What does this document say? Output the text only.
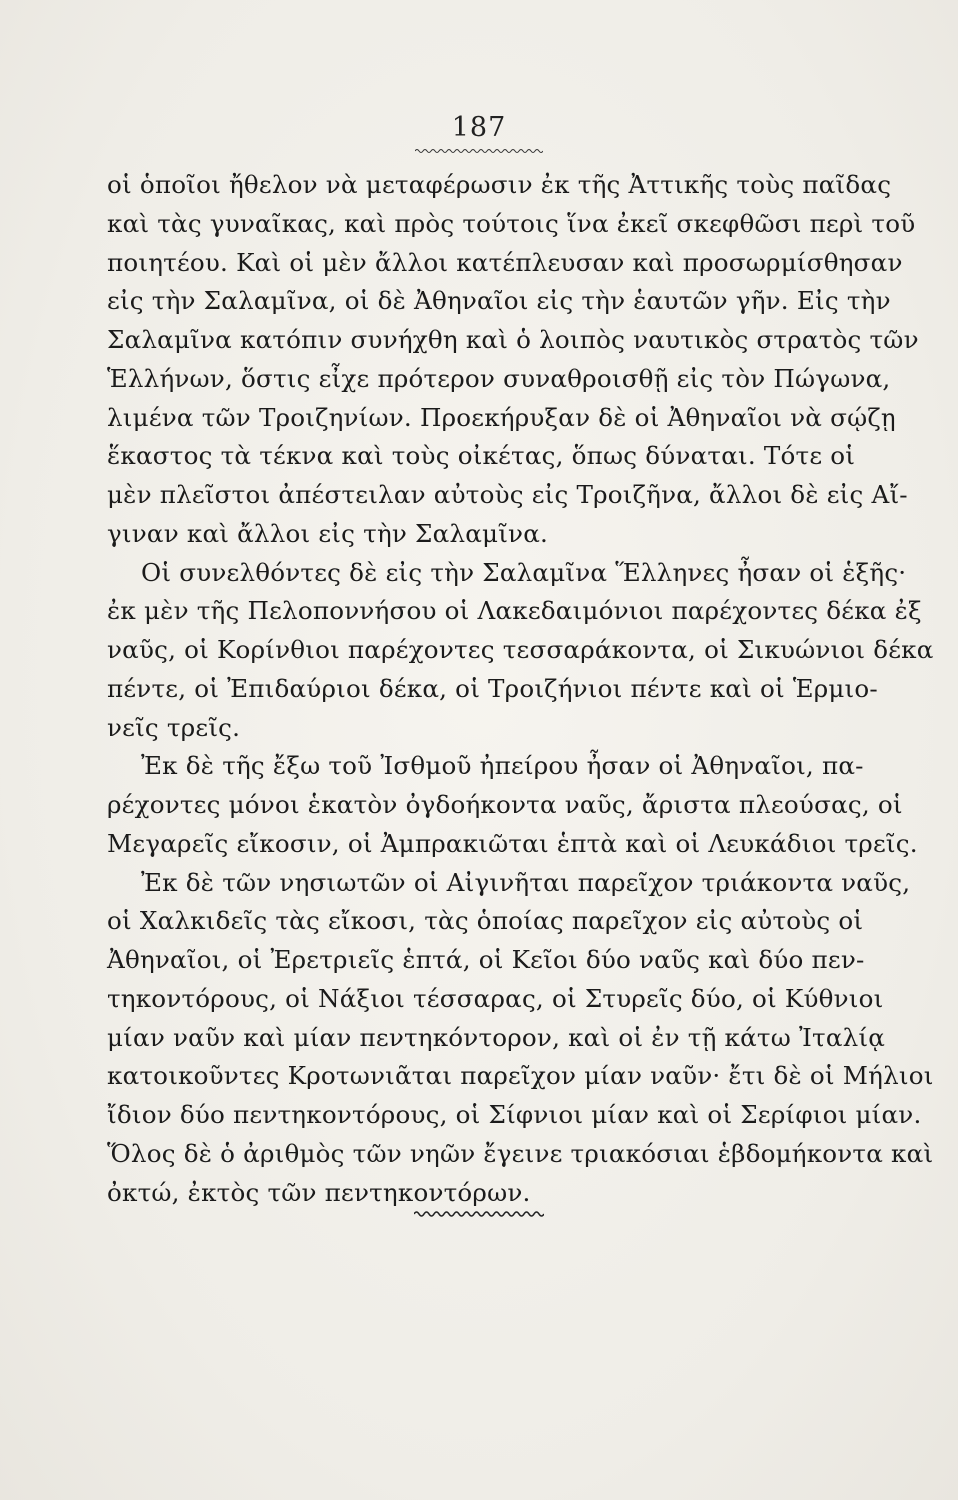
187
οἱ ὁποῖοι ἤθελον νὰ μεταφέρωσιν ἐκ τῆς Ἀττικῆς τοὺς παῖδας
καὶ τὰς γυναῖκας, καὶ πρὸς τούτοις ἵνα ἐκεῖ σκεφθῶσι περὶ τοῦ
ποιητέου. Καὶ οἱ μὲν ἄλλοι κατέπλευσαν καὶ προσωρμίσθησαν
εἰς τὴν Σαλαμῖνα, οἱ δὲ Ἀθηναῖοι εἰς τὴν ἑαυτῶν γῆν. Εἰς τὴν
Σαλαμῖνα κατόπιν συνήχθη καὶ ὁ λοιπὸς ναυτικὸς στρατὸς τῶν
Ἑλλήνων, ὅστις εἶχε πρότερον συναθροισθῇ εἰς τὸν Πώγωνα,
λιμένα τῶν Τροιζηνίων. Προεκήρυξαν δὲ οἱ Ἀθηναῖοι νὰ σῴζῃ
ἕκαστος τὰ τέκνα καὶ τοὺς οἰκέτας, ὅπως δύναται. Τότε οἱ
μὲν πλεῖστοι ἀπέστειλαν αὐτοὺς εἰς Τροιζῆνα, ἄλλοι δὲ εἰς Αἴ-
γιναν καὶ ἄλλοι εἰς τὴν Σαλαμῖνα.
Οἱ συνελθόντες δὲ εἰς τὴν Σαλαμῖνα Ἕλληνες ἦσαν οἱ ἑξῆς·
ἐκ μὲν τῆς Πελοποννήσου οἱ Λακεδαιμόνιοι παρέχοντες δέκα ἐξ
ναῦς, οἱ Κορίνθιοι παρέχοντες τεσσαράκοντα, οἱ Σικυώνιοι δέκα
πέντε, οἱ Ἐπιδαύριοι δέκα, οἱ Τροιζήνιοι πέντε καὶ οἱ Ἑρμιο-
νεῖς τρεῖς.
Ἐκ δὲ τῆς ἔξω τοῦ Ἰσθμοῦ ἠπείρου ἦσαν οἱ Ἀθηναῖοι, πα-
ρέχοντες μόνοι ἑκατὸν ὀγδοήκοντα ναῦς, ἄριστα πλεούσας, οἱ
Μεγαρεῖς εἴκοσιν, οἱ Ἀμπρακιῶται ἑπτὰ καὶ οἱ Λευκάδιοι τρεῖς.
Ἐκ δὲ τῶν νησιωτῶν οἱ Αἰγινῆται παρεῖχον τριάκοντα ναῦς,
οἱ Χαλκιδεῖς τὰς εἴκοσι, τὰς ὁποίας παρεῖχον εἰς αὐτοὺς οἱ
Ἀθηναῖοι, οἱ Ἐρετριεῖς ἑπτά, οἱ Κεῖοι δύο ναῦς καὶ δύο πεν-
τηκοντόρους, οἱ Νάξιοι τέσσαρας, οἱ Στυρεῖς δύο, οἱ Κύθνιοι
μίαν ναῦν καὶ μίαν πεντηκόντορον, καὶ οἱ ἐν τῇ κάτω Ἰταλίᾳ
κατοικοῦντες Κροτωνιᾶται παρεῖχον μίαν ναῦν· ἔτι δὲ οἱ Μήλιοι
ἴδιον δύο πεντηκοντόρους, οἱ Σίφνιοι μίαν καὶ οἱ Σερίφιοι μίαν.
Ὅλος δὲ ὁ ἀριθμὸς τῶν νηῶν ἔγεινε τριακόσιαι ἑβδομήκοντα καὶ
ὀκτώ, ἐκτὸς τῶν πεντηκοντόρων.
